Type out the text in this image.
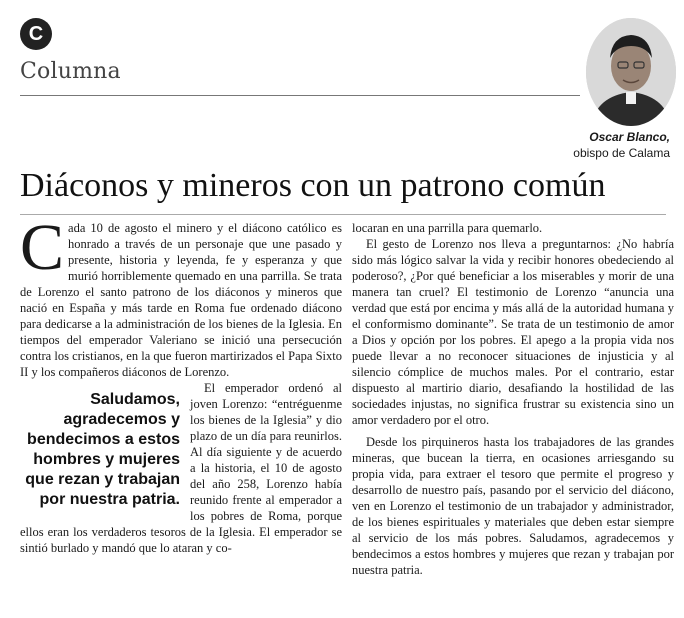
C
Columna
Oscar Blanco,
obispo de Calama
Diáconos y mineros con un patrono común

Cada 10 de agosto el minero y el diácono católico es honrado a través de un personaje que une pasado y presente, historia y leyenda, fe y esperanza y que murió horriblemente quemado en una parrilla. Se trata de Lorenzo el santo patrono de los diáconos y mineros que nació en España y más tarde en Roma fue ordenado diácono para dedicarse a la administración de los bienes de la Iglesia. En tiempos del emperador Valeriano se inició una persecución contra los cristianos, en la que fueron martirizados el Papa Sixto II y los compañeros diáconos de Lorenzo.

Saludamos, agradecemos y bendecimos a estos hombres y mujeres que rezan y trabajan por nuestra patria.

El emperador ordenó al joven Lorenzo: “entréguenme los bienes de la Iglesia” y dio plazo de un día para reunirlos. Al día siguiente y de acuerdo a la historia, el 10 de agosto del año 258, Lorenzo había reunido frente al emperador a los pobres de Roma, porque ellos eran los verdaderos tesoros de la Iglesia. El emperador se sintió burlado y mandó que lo ataran y co-

locaran en una parrilla para quemarlo.

El gesto de Lorenzo nos lleva a preguntarnos: ¿No habría sido más lógico salvar la vida y recibir honores obedeciendo al poderoso?, ¿Por qué beneficiar a los miserables y morir de una manera tan cruel? El testimonio de Lorenzo “anuncia una verdad que está por encima y más allá de la autoridad humana y el conformismo dominante”. Se trata de un testimonio de amor a Dios y opción por los pobres. El apego a la propia vida nos puede llevar a no reconocer situaciones de injusticia y al silencio cómplice de muchos males. Por el contrario, estar dispuesto al martirio diario, desafiando la hostilidad de las sociedades injustas, no significa frustrar su existencia sino un amor verdadero por el otro.

Desde los pirquineros hasta los trabajadores de las grandes mineras, que bucean la tierra, en ocasiones arriesgando su propia vida, para extraer el tesoro que permite el progreso y desarrollo de nuestro país, pasando por el servicio del diácono, ven en Lorenzo el testimonio de un trabajador y administrador, de los bienes espirituales y materiales que deben estar siempre al servicio de los más pobres. Saludamos, agradecemos y bendecimos a estos hombres y mujeres que rezan y trabajan por nuestra patria.
